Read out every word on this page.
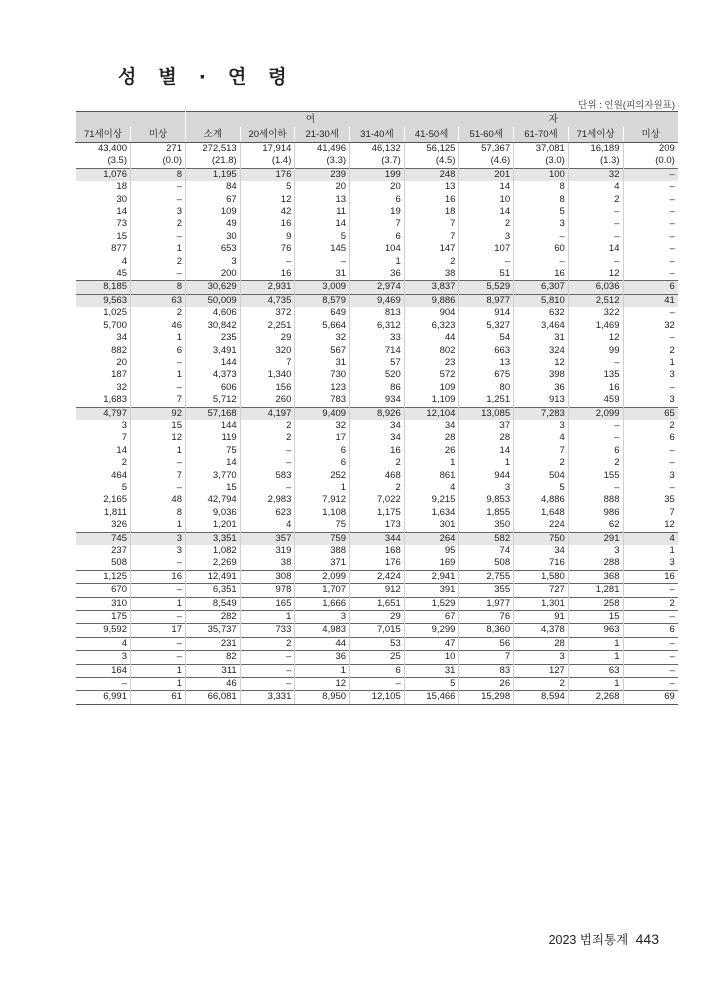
성 별 · 연 령
단위 : 인원(피의자원표)
		여 자								
71세이상	미상	소계	20세이하	21-30세	31-40세	41-50세	51-60세	61-70세	71세이상	미상
43,400	271	272,513	17,914	41,496	46,132	56,125	57,367	37,081	16,189	209
(3.5)	(0.0)	(21.8)	(1.4)	(3.3)	(3.7)	(4.5)	(4.6)	(3.0)	(1.3)	(0.0)
1,076	8	1,195	176	239	199	248	201	100	32	–
18	–	84	5	20	20	13	14	8	4	–
30	–	67	12	13	6	16	10	8	2	–
14	3	109	42	11	19	18	14	5	–	–
73	2	49	16	14	7	7	2	3	–	–
15	–	30	9	5	6	7	3	–	–	–
877	1	653	76	145	104	147	107	60	14	–
4	2	3	–	–	1	2	–	–	–	–
45	–	200	16	31	36	38	51	16	12	–
8,185	8	30,629	2,931	3,009	2,974	3,837	5,529	6,307	6,036	6
9,563	63	50,009	4,735	8,579	9,469	9,886	8,977	5,810	2,512	41
1,025	2	4,606	372	649	813	904	914	632	322	–
5,700	46	30,842	2,251	5,664	6,312	6,323	5,327	3,464	1,469	32
34	1	235	29	32	33	44	54	31	12	–
882	6	3,491	320	567	714	802	663	324	99	2
20	–	144	7	31	57	23	13	12	–	1
187	1	4,373	1,340	730	520	572	675	398	135	3
32	–	606	156	123	86	109	80	36	16	–
1,683	7	5,712	260	783	934	1,109	1,251	913	459	3
4,797	92	57,168	4,197	9,409	8,926	12,104	13,085	7,283	2,099	65
3	15	144	2	32	34	34	37	3	–	2
7	12	119	2	17	34	28	28	4	–	6
14	1	75	–	6	16	26	14	7	6	–
2	–	14	–	6	2	1	1	2	2	–
464	7	3,770	583	252	468	861	944	504	155	3
5	–	15	–	1	2	4	3	5	–	–
2,165	48	42,794	2,983	7,912	7,022	9,215	9,853	4,886	888	35
1,811	8	9,036	623	1,108	1,175	1,634	1,855	1,648	986	7
326	1	1,201	4	75	173	301	350	224	62	12
745	3	3,351	357	759	344	264	582	750	291	4
237	3	1,082	319	388	168	95	74	34	3	1
508	–	2,269	38	371	176	169	508	716	288	3
1,125	16	12,491	308	2,099	2,424	2,941	2,755	1,580	368	16
670	–	6,351	978	1,707	912	391	355	727	1,281	–
310	1	8,549	165	1,666	1,651	1,529	1,977	1,301	258	2
175	–	282	1	3	29	67	76	91	15	–
9,592	17	35,737	733	4,983	7,015	9,299	8,360	4,378	963	6
4	–	231	2	44	53	47	56	28	1	–
3	–	82	–	36	25	10	7	3	1	–
164	1	311	–	1	6	31	83	127	63	–
–	1	46	–	12	–	5	26	2	1	–
6,991	61	66,081	3,331	8,950	12,105	15,466	15,298	8,594	2,268	69
2023 범죄통계 443
